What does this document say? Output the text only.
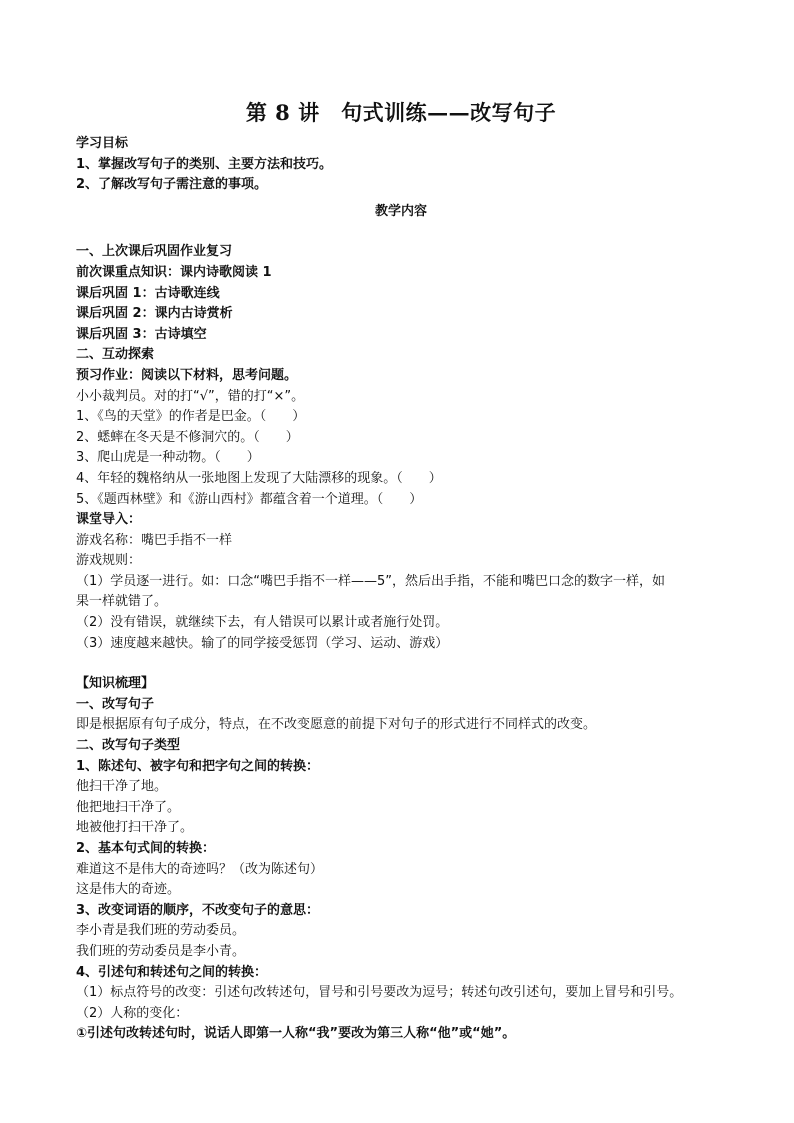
第 8 讲　句式训练——改写句子

学习目标

1、掌握改写句子的类别、主要方法和技巧。

2、了解改写句子需注意的事项。

教学内容

一、上次课后巩固作业复习

前次课重点知识：课内诗歌阅读 1

课后巩固 1：古诗歌连线

课后巩固 2：课内古诗赏析

课后巩固 3：古诗填空

二、互动探索

预习作业：阅读以下材料，思考问题。

小小裁判员。对的打“√”，错的打“×”。

1、《鸟的天堂》的作者是巴金。（　　）

2、蟋蟀在冬天是不修洞穴的。（　　）

3、爬山虎是一种动物。（　　）

4、年轻的魏格纳从一张地图上发现了大陆漂移的现象。（　　）

5、《题西林壁》和《游山西村》都蕴含着一个道理。（　　）

课堂导入：

游戏名称：嘴巴手指不一样

游戏规则：

（1）学员逐一进行。如：口念“嘴巴手指不一样——5”，然后出手指，不能和嘴巴口念的数字一样，如

果一样就错了。

（2）没有错误，就继续下去，有人错误可以累计或者施行处罚。

（3）速度越来越快。输了的同学接受惩罚（学习、运动、游戏）

【知识梳理】

一、改写句子

即是根据原有句子成分，特点，在不改变愿意的前提下对句子的形式进行不同样式的改变。

二、改写句子类型

1、陈述句、被字句和把字句之间的转换：

他扫干净了地。

他把地扫干净了。

地被他打扫干净了。

2、基本句式间的转换：

难道这不是伟大的奇迹吗？（改为陈述句）

这是伟大的奇迹。

3、改变词语的顺序，不改变句子的意思：

李小青是我们班的劳动委员。

我们班的劳动委员是李小青。

4、引述句和转述句之间的转换：

（1）标点符号的改变：引述句改转述句，冒号和引号要改为逗号；转述句改引述句，要加上冒号和引号。

（2）人称的变化：

①引述句改转述句时，说话人即第一人称“我”要改为第三人称“他”或“她”。
